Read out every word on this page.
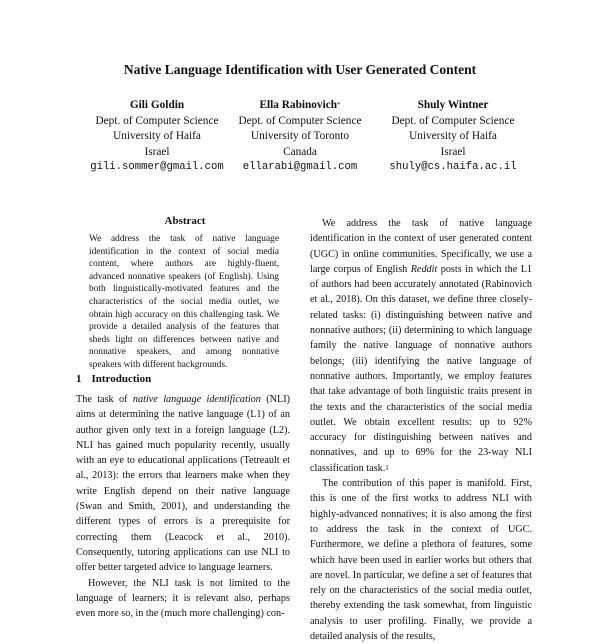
Native Language Identification with User Generated Content
Gili Goldin
Dept. of Computer Science
University of Haifa
Israel
gili.sommer@gmail.com
Ella Rabinovich*
Dept. of Computer Science
University of Toronto
Canada
ellarabi@gmail.com
Shuly Wintner
Dept. of Computer Science
University of Haifa
Israel
shuly@cs.haifa.ac.il
Abstract
We address the task of native language identification in the context of social media content, where authors are highly-fluent, advanced nonnative speakers (of English). Using both linguistically-motivated features and the characteristics of the social media outlet, we obtain high accuracy on this challenging task. We provide a detailed analysis of the features that sheds light on differences between native and nonnative speakers, and among nonnative speakers with different backgrounds.
1 Introduction

The task of native language identification (NLI) aims at determining the native language (L1) of an author given only text in a foreign language (L2). NLI has gained much popularity recently, usually with an eye to educational applications (Tetreault et al., 2013): the errors that learners make when they write English depend on their native language (Swan and Smith, 2001), and understanding the different types of errors is a prerequisite for correcting them (Leacock et al., 2010). Consequently, tutoring applications can use NLI to offer better targeted advice to language learners.

However, the NLI task is not limited to the language of learners; it is relevant also, perhaps even more so, in the (much more challenging) con-

We address the task of native language identification in the context of user generated content (UGC) in online communities. Specifically, we use a large corpus of English Reddit posts in which the L1 of authors had been accurately annotated (Rabinovich et al., 2018). On this dataset, we define three closely-related tasks: (i) distinguishing between native and nonnative authors; (ii) determining to which language family the native language of nonnative authors belongs; (iii) identifying the native language of nonnative authors. Importantly, we employ features that take advantage of both linguistic traits present in the texts and the characteristics of the social media outlet. We obtain excellent results: up to 92% accuracy for distinguishing between natives and nonnatives, and up to 69% for the 23-way NLI classification task.$^1$

The contribution of this paper is manifold. First, this is one of the first works to address NLI with highly-advanced nonnatives; it is also among the first to address the task in the context of UGC. Furthermore, we define a plethora of features, some which have been used in earlier works but others that are novel. In particular, we define a set of features that rely on the characteristics of the social media outlet, thereby extending the task somewhat, from linguistic analysis to user profiling. Finally, we provide a detailed analysis of the results,
